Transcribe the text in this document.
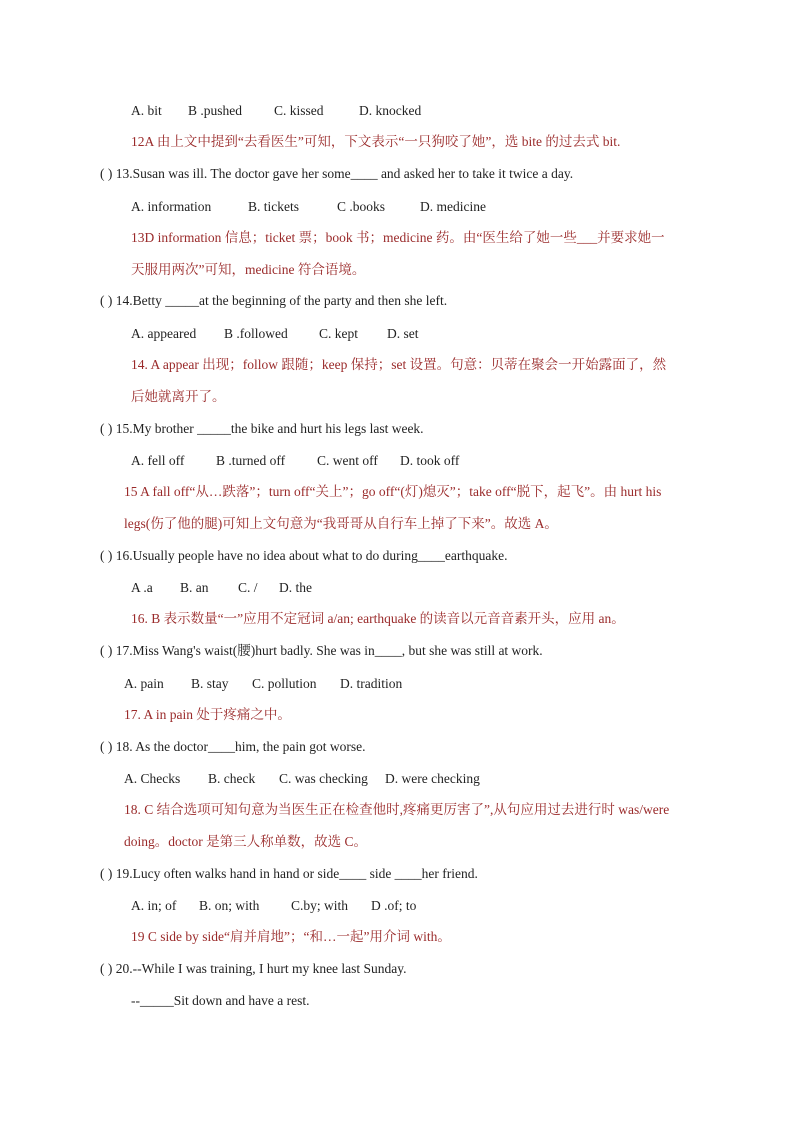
A. bit B .pushed C. kissed	D. knocked
12A 由上文中提到“去看医生”可知，下文表示“一只狗咬了她”，选 bite 的过去式 bit.
( ) 13.Susan was ill. The doctor gave her some____ and asked her to take it twice a day.
A. information	B. tickets	C .books	D. medicine
13D information 信息；ticket 票；book 书；medicine 药。由“医生给了她一些___并要求她一
天服用两次”可知，medicine 符合语境。
( ) 14.Betty _____at the beginning of the party and then she left.
A. appeared B .followed C. kept D. set
14. A appear 出现；follow 跟随；keep 保持；set 设置。句意：贝蒂在聚会一开始露面了，然
后她就离开了。
( ) 15.My brother _____the bike and hurt his legs last week.
A. fell off B .turned off C. went off D. took off
15 A fall off“从…跌落”；turn off“关上”；go off“(灯)熄灭”；take off“脱下，起飞”。由 hurt his
legs(伤了他的腿)可知上文句意为“我哥哥从自行车上掉了下来”。故选 A。
( ) 16.Usually people have no idea about what to do during____earthquake.
A .a B. an C. / D. the
16. B 表示数量“一”应用不定冠词 a/an; earthquake 的读音以元音音素开头，应用 an。
( ) 17.Miss Wang's waist(腰)hurt badly. She was in____, but she was still at work.
A. pain B. stay C. pollution D. tradition
17. A in pain 处于疼痛之中。
( ) 18. As the doctor____him, the pain got worse.
A. Checks B. check C. was checking D. were checking
18. C 结合选项可知句意为当医生正在检查他时,疼痛更厉害了”,从句应用过去进行时 was/were
doing。doctor 是第三人称单数，故选 C。
( ) 19.Lucy often walks hand in hand or side____ side ____her friend.
A. in; of B. on; with C.by; with D .of; to
19 C side by side“肩并肩地”；“和…一起”用介词 with。
( ) 20.--While I was training, I hurt my knee last Sunday.
--_____Sit down and have a rest.
